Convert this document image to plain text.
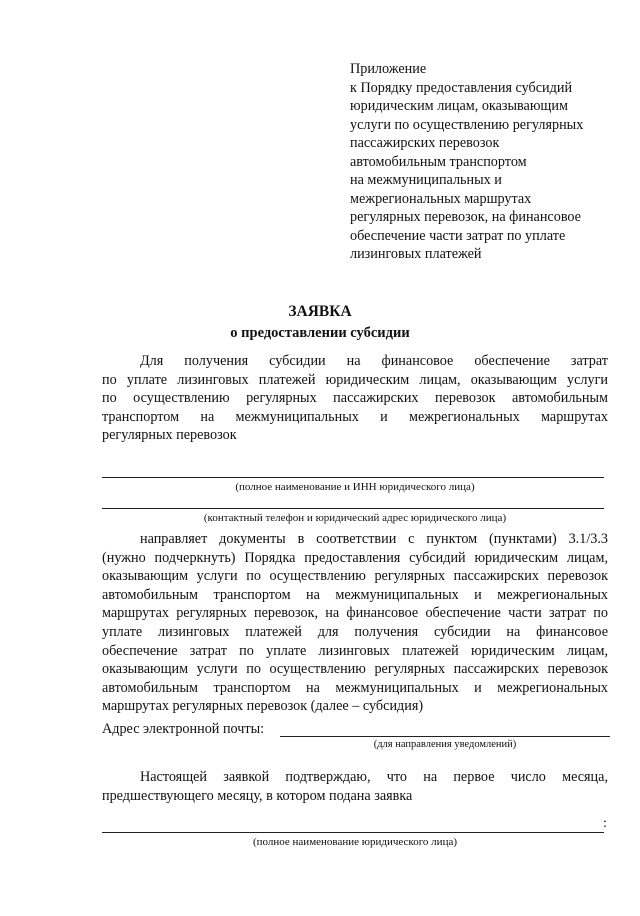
Приложение
к Порядку предоставления субсидий
юридическим лицам, оказывающим
услуги по осуществлению регулярных
пассажирских перевозок
автомобильным транспортом
на межмуниципальных и
межрегиональных маршрутах
регулярных перевозок, на финансовое
обеспечение части затрат по уплате
лизинговых платежей
ЗАЯВКА
о предоставлении субсидии
Для получения субсидии на финансовое обеспечение затрат
по уплате лизинговых платежей юридическим лицам, оказывающим услуги
по осуществлению регулярных пассажирских перевозок автомобильным
транспортом на межмуниципальных и межрегиональных маршрутах
регулярных перевозок
(полное наименование и ИНН юридического лица)
(контактный телефон и юридический адрес юридического лица)
направляет документы в соответствии с пунктом (пунктами) 3.1/3.3
(нужно подчеркнуть) Порядка предоставления субсидий юридическим лицам,
оказывающим услуги по осуществлению регулярных пассажирских перевозок
автомобильным транспортом на межмуниципальных и межрегиональных
маршрутах регулярных перевозок, на финансовое обеспечение части затрат по
уплате лизинговых платежей для получения субсидии на финансовое
обеспечение затрат по уплате лизинговых платежей юридическим лицам,
оказывающим услуги по осуществлению регулярных пассажирских перевозок
автомобильным транспортом на межмуниципальных и межрегиональных
маршрутах регулярных перевозок (далее – субсидия)
Адрес электронной почты:
(для направления уведомлений)
Настоящей заявкой подтверждаю, что на первое число месяца,
предшествующего месяцу, в котором подана заявка
:
(полное наименование юридического лица)
